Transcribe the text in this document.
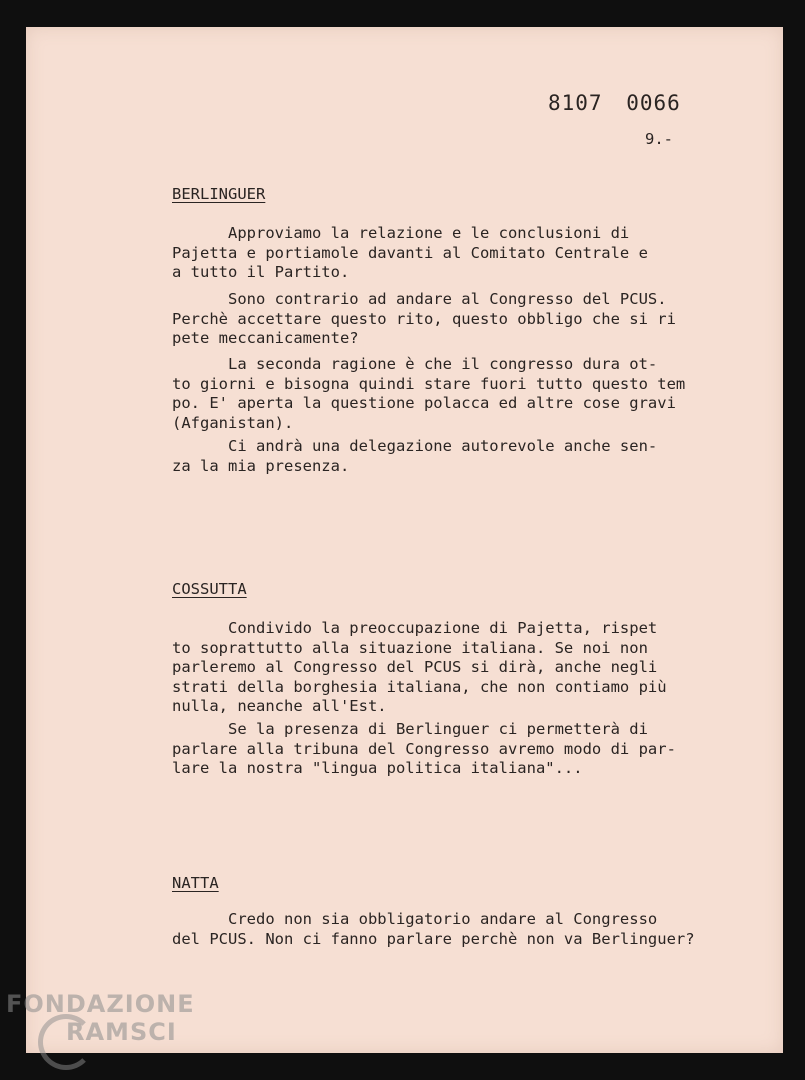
8107 0066
9.-
BERLINGUER
Approviamo la relazione e le conclusioni di
Pajetta e portiamole davanti al Comitato Centrale e
a tutto il Partito.
Sono contrario ad andare al Congresso del PCUS.
Perchè accettare questo rito, questo obbligo che si ri
pete meccanicamente?
La seconda ragione è che il congresso dura ot-
to giorni e bisogna quindi stare fuori tutto questo tem
po. E' aperta la questione polacca ed altre cose gravi
(Afganistan).
Ci andrà una delegazione autorevole anche sen-
za la mia presenza.
COSSUTTA
Condivido la preoccupazione di Pajetta, rispet
to soprattutto alla situazione italiana. Se noi non
parleremo al Congresso del PCUS si dirà, anche negli
strati della borghesia italiana, che non contiamo più
nulla, neanche all'Est.
Se la presenza di Berlinguer ci permetterà di
parlare alla tribuna del Congresso avremo modo di par-
lare la nostra "lingua politica italiana"...
NATTA
Credo non sia obbligatorio andare al Congresso
del PCUS. Non ci fanno parlare perchè non va Berlinguer?
FONDAZIONE
RAMSCI
